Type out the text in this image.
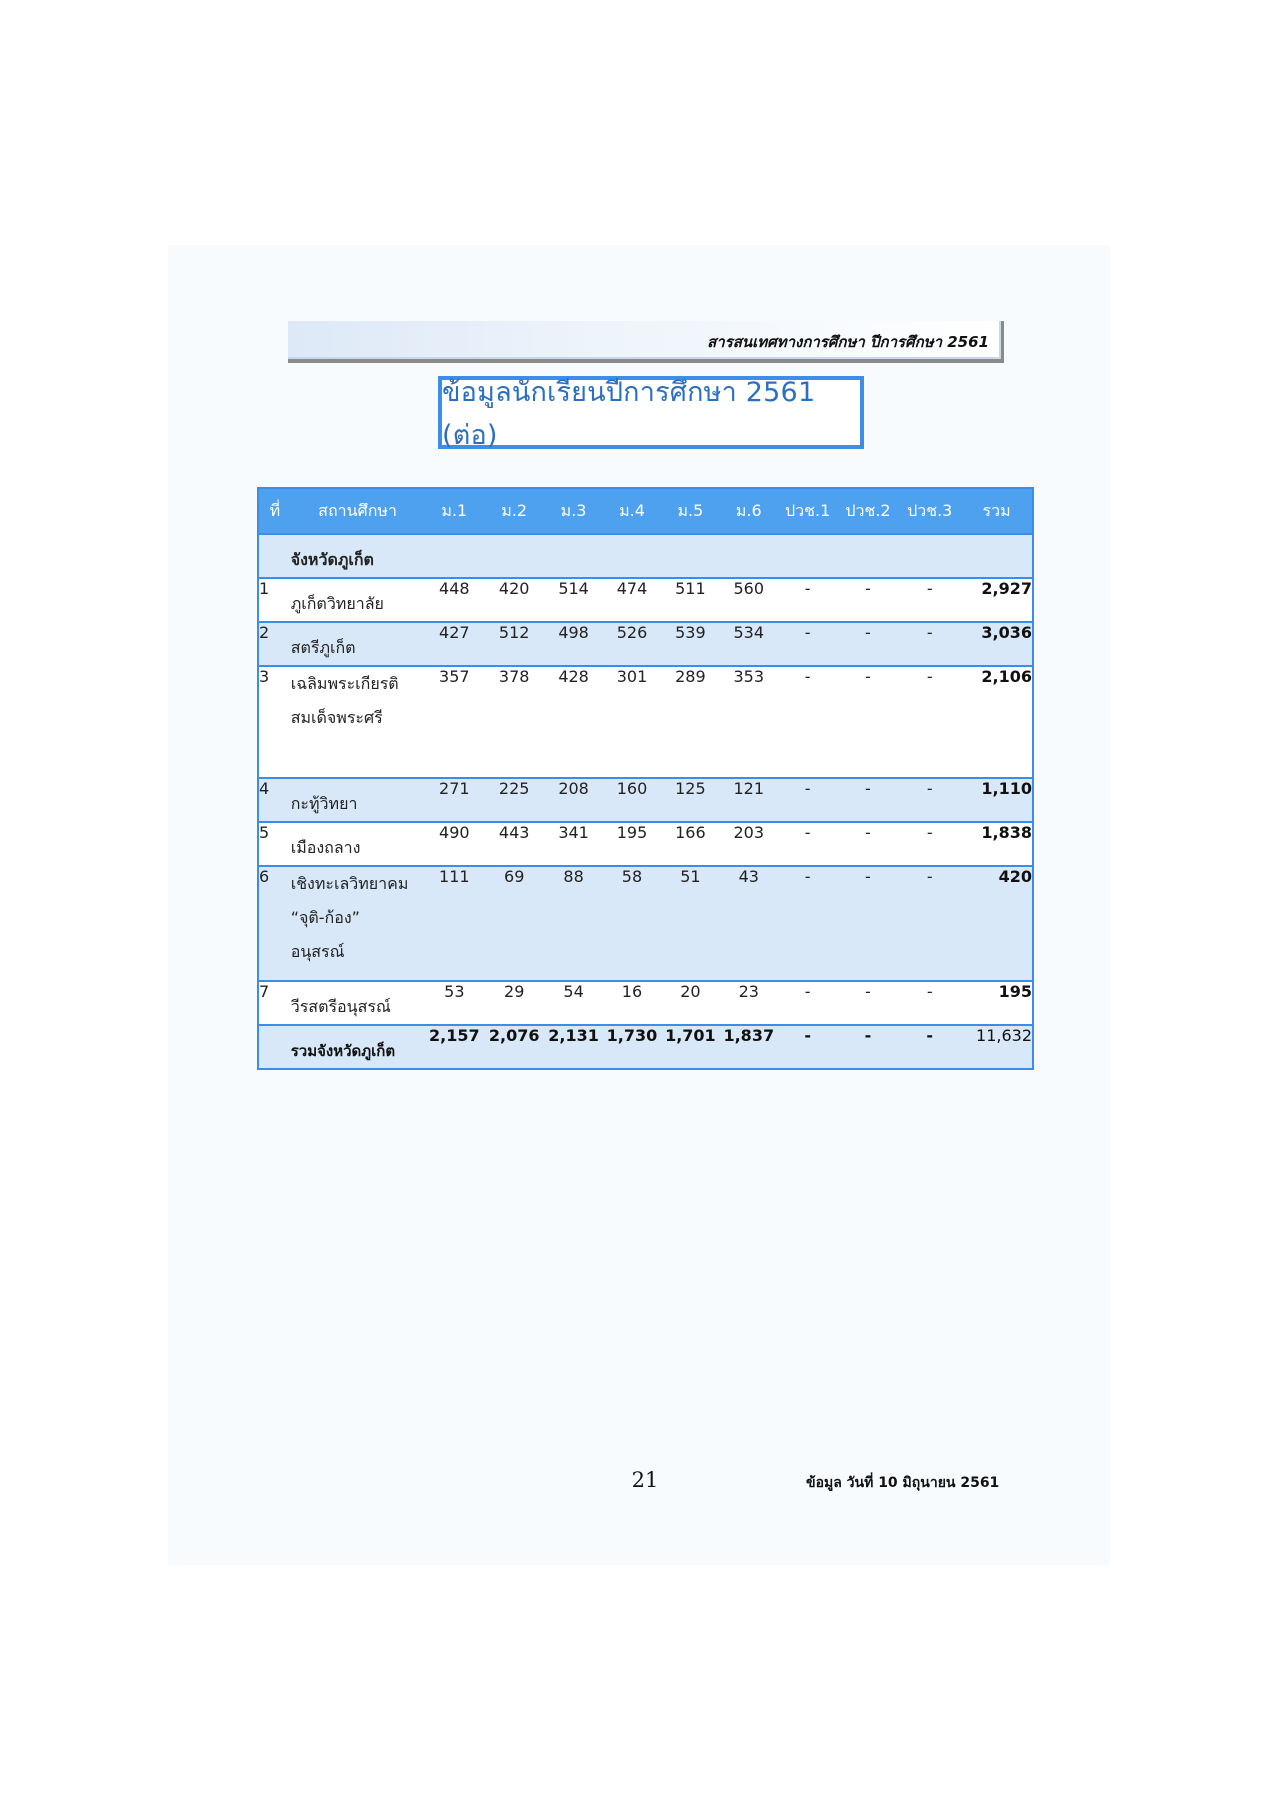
สารสนเทศทางการศึกษา ปีการศึกษา 2561
ข้อมูลนักเรียนปีการศึกษา 2561 (ต่อ)
ที่	สถานศึกษา	ม.1	ม.2	ม.3	ม.4	ม.5	ม.6	ปวช.1	ปวช.2	ปวช.3	รวม
	จังหวัดภูเก็ต										
1	ภูเก็ตวิทยาลัย	448	420	514	474	511	560	-	-	-	2,927
2	สตรีภูเก็ต	427	512	498	526	539	534	-	-	-	3,036
3	เฉลิมพระเกียรติ
สมเด็จพระศรี	357	378	428	301	289	353	-	-	-	2,106
4	กะทู้วิทยา	271	225	208	160	125	121	-	-	-	1,110
5	เมืองถลาง	490	443	341	195	166	203	-	-	-	1,838
6	เชิงทะเลวิทยาคม
“จุติ-ก้อง”
อนุสรณ์	111	69	88	58	51	43	-	-	-	420
7	วีรสตรีอนุสรณ์	53	29	54	16	20	23	-	-	-	195
	รวมจังหวัดภูเก็ต	2,157	2,076	2,131	1,730	1,701	1,837	-	-	-	11,632
21	ข้อมูล วันที่ 10 มิถุนายน 2561
